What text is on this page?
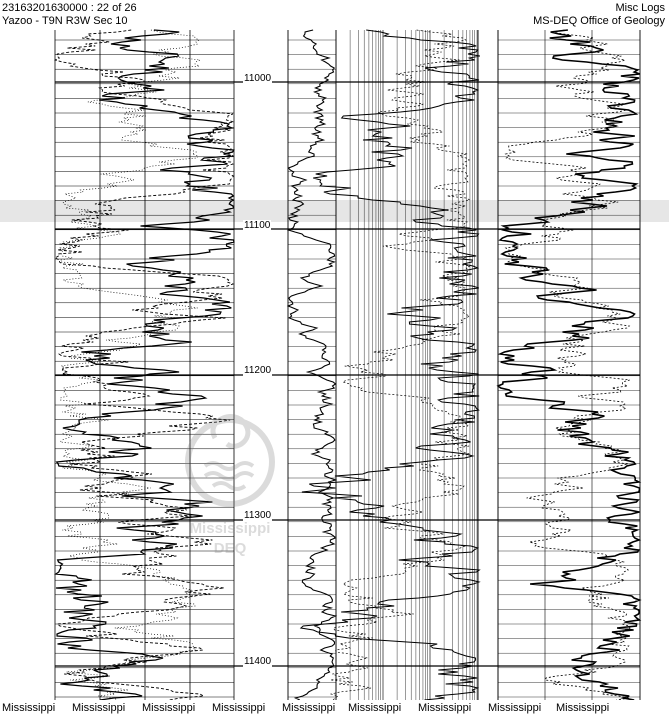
23163201630000 : 22 of 26
Yazoo - T9N R3W Sec 10
Misc Logs
MS-DEQ Office of Geology
11000
11100
11200
11300
11400
Mississippi
DEQ
Mississippi Mississippi Mississippi Mississippi Mississippi Mississippi Mississippi Mississippi Mississippi
